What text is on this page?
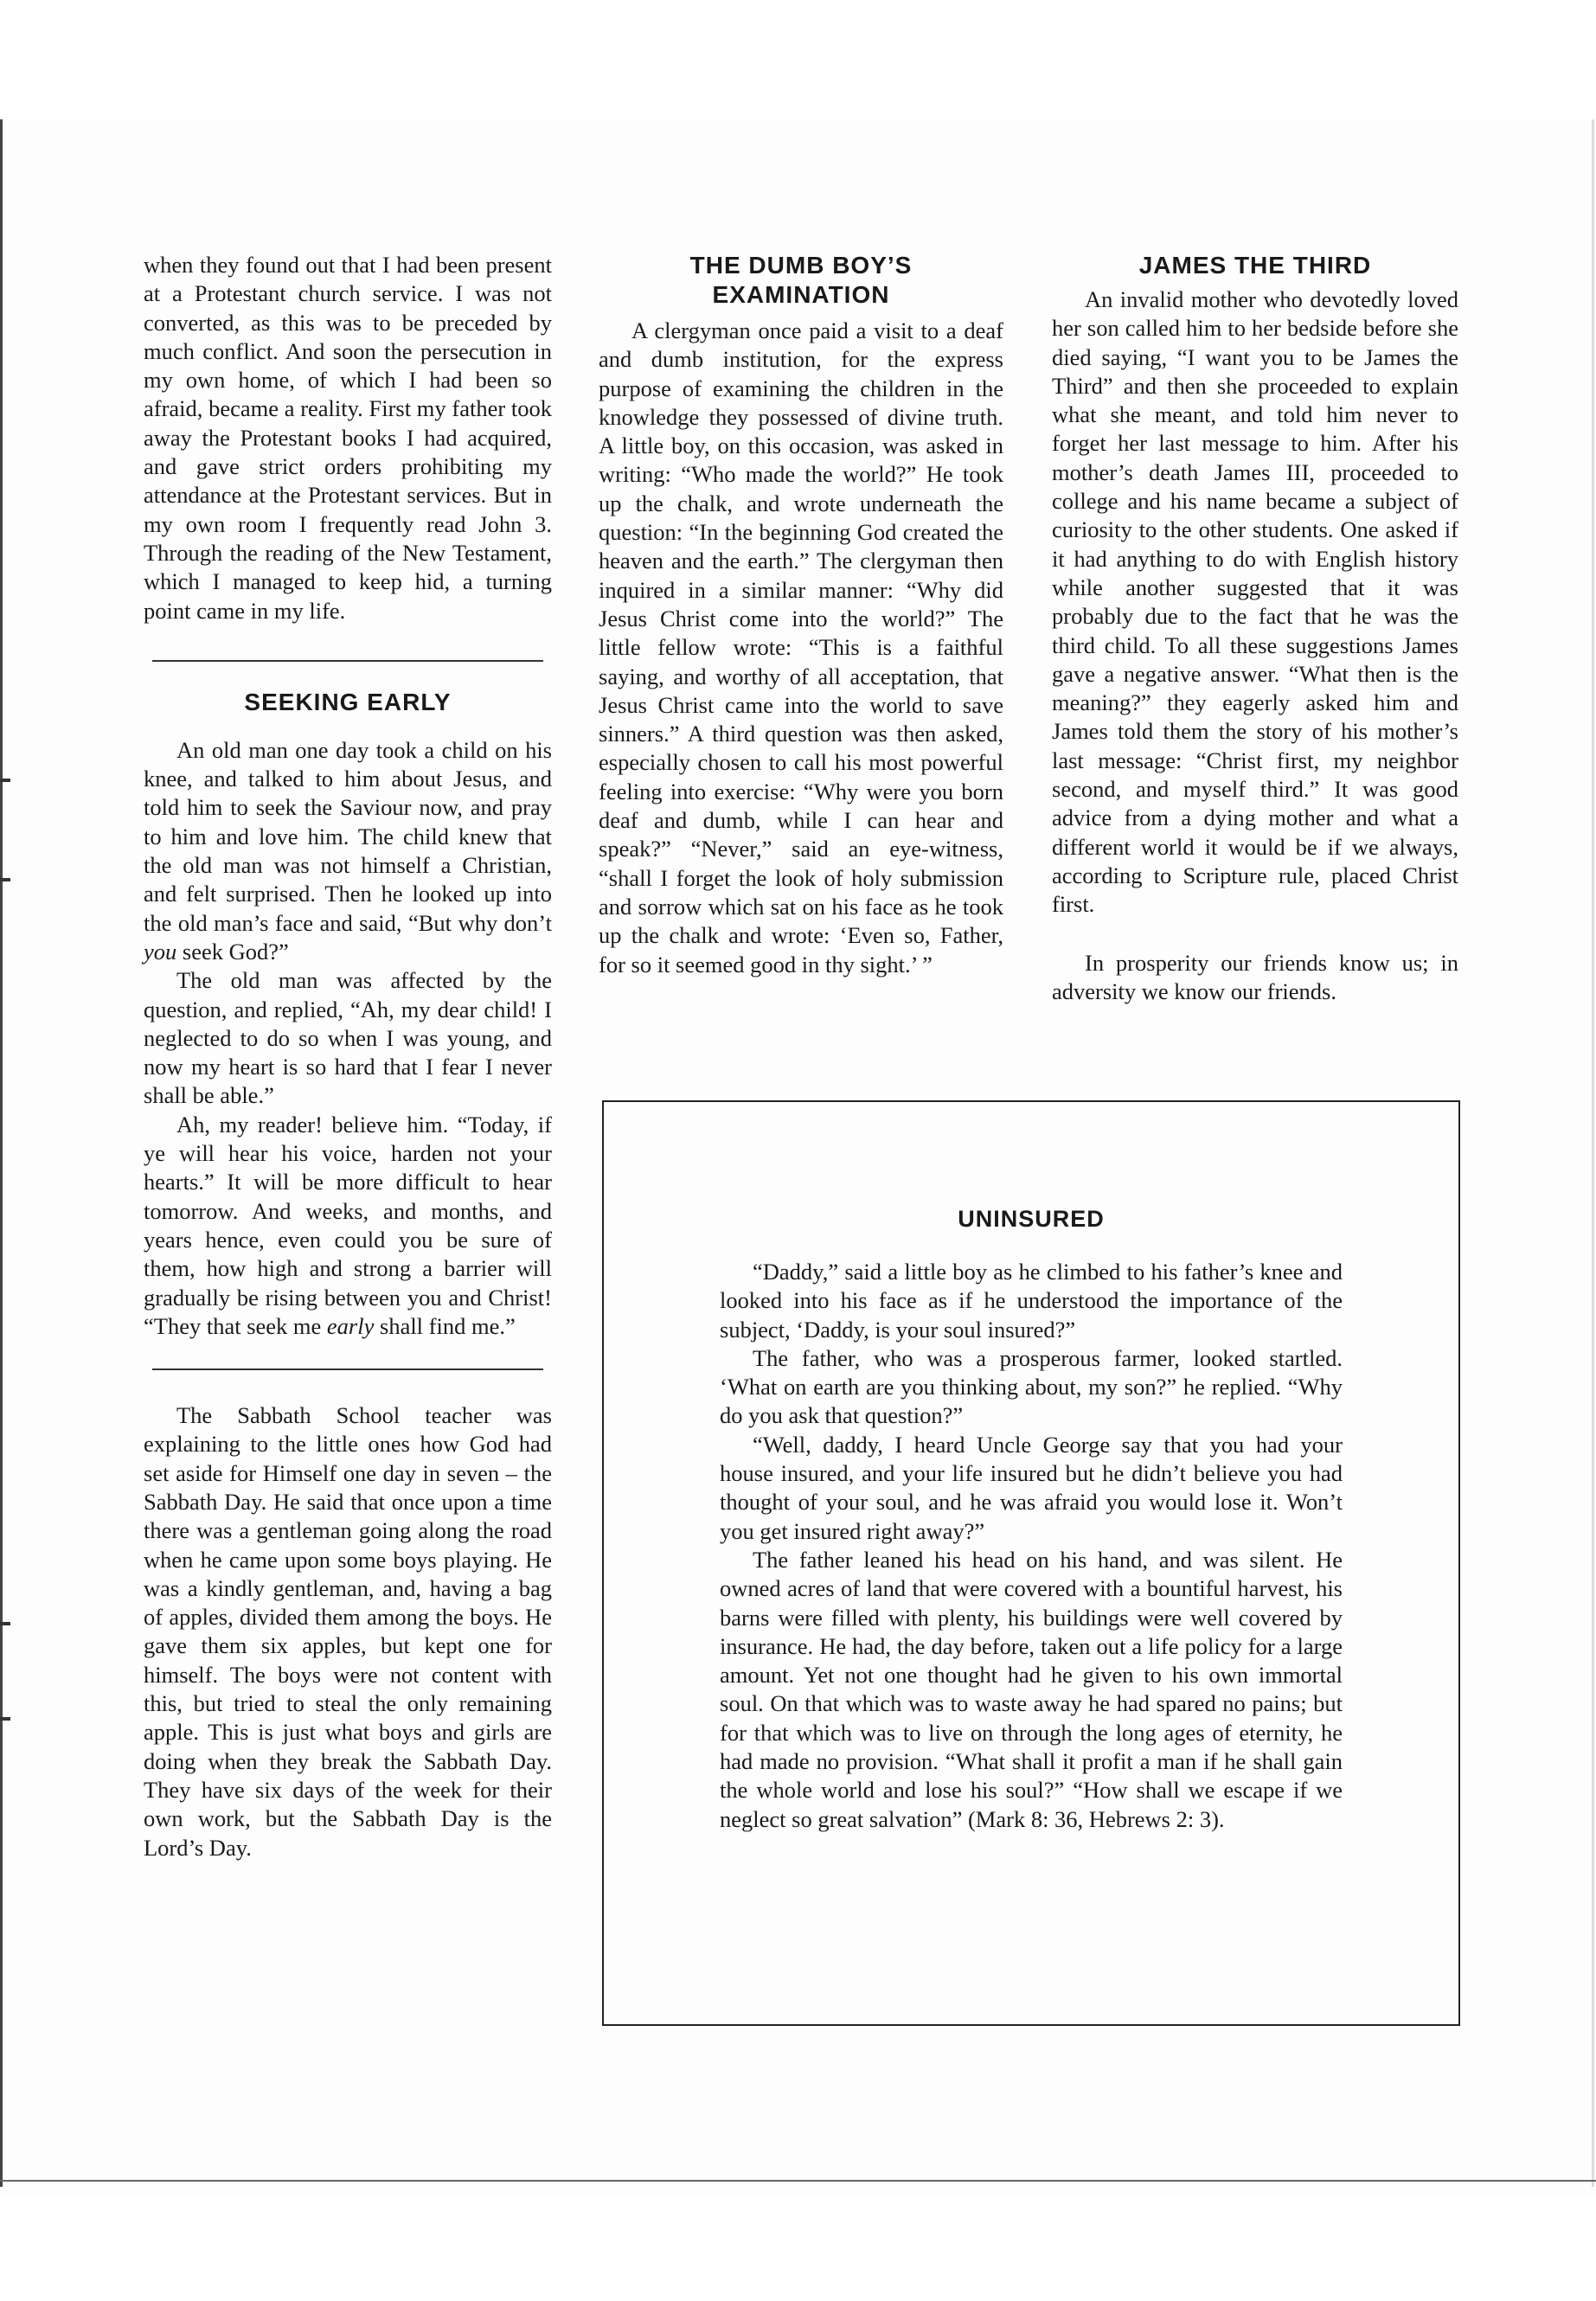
when they found out that I had been present at a Protestant church service. I was not converted, as this was to be preceded by much conflict. And soon the persecution in my own home, of which I had been so afraid, became a reality. First my father took away the Protestant books I had acquired, and gave strict orders prohibiting my attendance at the Protestant services. But in my own room I frequently read John 3. Through the reading of the New Testament, which I managed to keep hid, a turning point came in my life.

SEEKING EARLY

An old man one day took a child on his knee, and talked to him about Jesus, and told him to seek the Saviour now, and pray to him and love him. The child knew that the old man was not himself a Christian, and felt surprised. Then he looked up into the old man’s face and said, “But why don’t you seek God?”

The old man was affected by the question, and replied, “Ah, my dear child! I neglected to do so when I was young, and now my heart is so hard that I fear I never shall be able.”

Ah, my reader! believe him. “Today, if ye will hear his voice, harden not your hearts.” It will be more difficult to hear tomorrow. And weeks, and months, and years hence, even could you be sure of them, how high and strong a barrier will gradually be rising between you and Christ! “They that seek me early shall find me.”

The Sabbath School teacher was explaining to the little ones how God had set aside for Himself one day in seven – the Sabbath Day. He said that once upon a time there was a gentleman going along the road when he came upon some boys playing. He was a kindly gentleman, and, having a bag of apples, divided them among the boys. He gave them six apples, but kept one for himself. The boys were not content with this, but tried to steal the only remaining apple. This is just what boys and girls are doing when they break the Sabbath Day. They have six days of the week for their own work, but the Sabbath Day is the Lord’s Day.

THE DUMB BOY’S
EXAMINATION

A clergyman once paid a visit to a deaf and dumb institution, for the express purpose of examining the children in the knowledge they possessed of divine truth. A little boy, on this occasion, was asked in writing: “Who made the world?” He took up the chalk, and wrote underneath the question: “In the beginning God created the heaven and the earth.” The clergyman then inquired in a similar manner: “Why did Jesus Christ come into the world?” The little fellow wrote: “This is a faithful saying, and worthy of all acceptation, that Jesus Christ came into the world to save sinners.” A third question was then asked, especially chosen to call his most powerful feeling into exercise: “Why were you born deaf and dumb, while I can hear and speak?” “Never,” said an eye-witness, “shall I forget the look of holy submission and sorrow which sat on his face as he took up the chalk and wrote: ‘Even so, Father, for so it seemed good in thy sight.’ ”

JAMES THE THIRD

An invalid mother who devotedly loved her son called him to her bedside before she died saying, “I want you to be James the Third” and then she proceeded to explain what she meant, and told him never to forget her last message to him. After his mother’s death James III, proceeded to college and his name became a subject of curiosity to the other students. One asked if it had anything to do with English history while another suggested that it was probably due to the fact that he was the third child. To all these suggestions James gave a negative answer. “What then is the meaning?” they eagerly asked him and James told them the story of his mother’s last message: “Christ first, my neighbor second, and myself third.” It was good advice from a dying mother and what a different world it would be if we always, according to Scripture rule, placed Christ first.

In prosperity our friends know us; in adversity we know our friends.

UNINSURED

“Daddy,” said a little boy as he climbed to his father’s knee and looked into his face as if he understood the importance of the subject, ‘Daddy, is your soul insured?”

The father, who was a prosperous farmer, looked startled. ‘What on earth are you thinking about, my son?” he replied. “Why do you ask that question?”

“Well, daddy, I heard Uncle George say that you had your house insured, and your life insured but he didn’t believe you had thought of your soul, and he was afraid you would lose it. Won’t you get insured right away?”

The father leaned his head on his hand, and was silent. He owned acres of land that were covered with a bountiful harvest, his barns were filled with plenty, his buildings were well covered by insurance. He had, the day before, taken out a life policy for a large amount. Yet not one thought had he given to his own immortal soul. On that which was to waste away he had spared no pains; but for that which was to live on through the long ages of eternity, he had made no provision. “What shall it profit a man if he shall gain the whole world and lose his soul?” “How shall we escape if we neglect so great salvation” (Mark 8: 36, Hebrews 2: 3).
